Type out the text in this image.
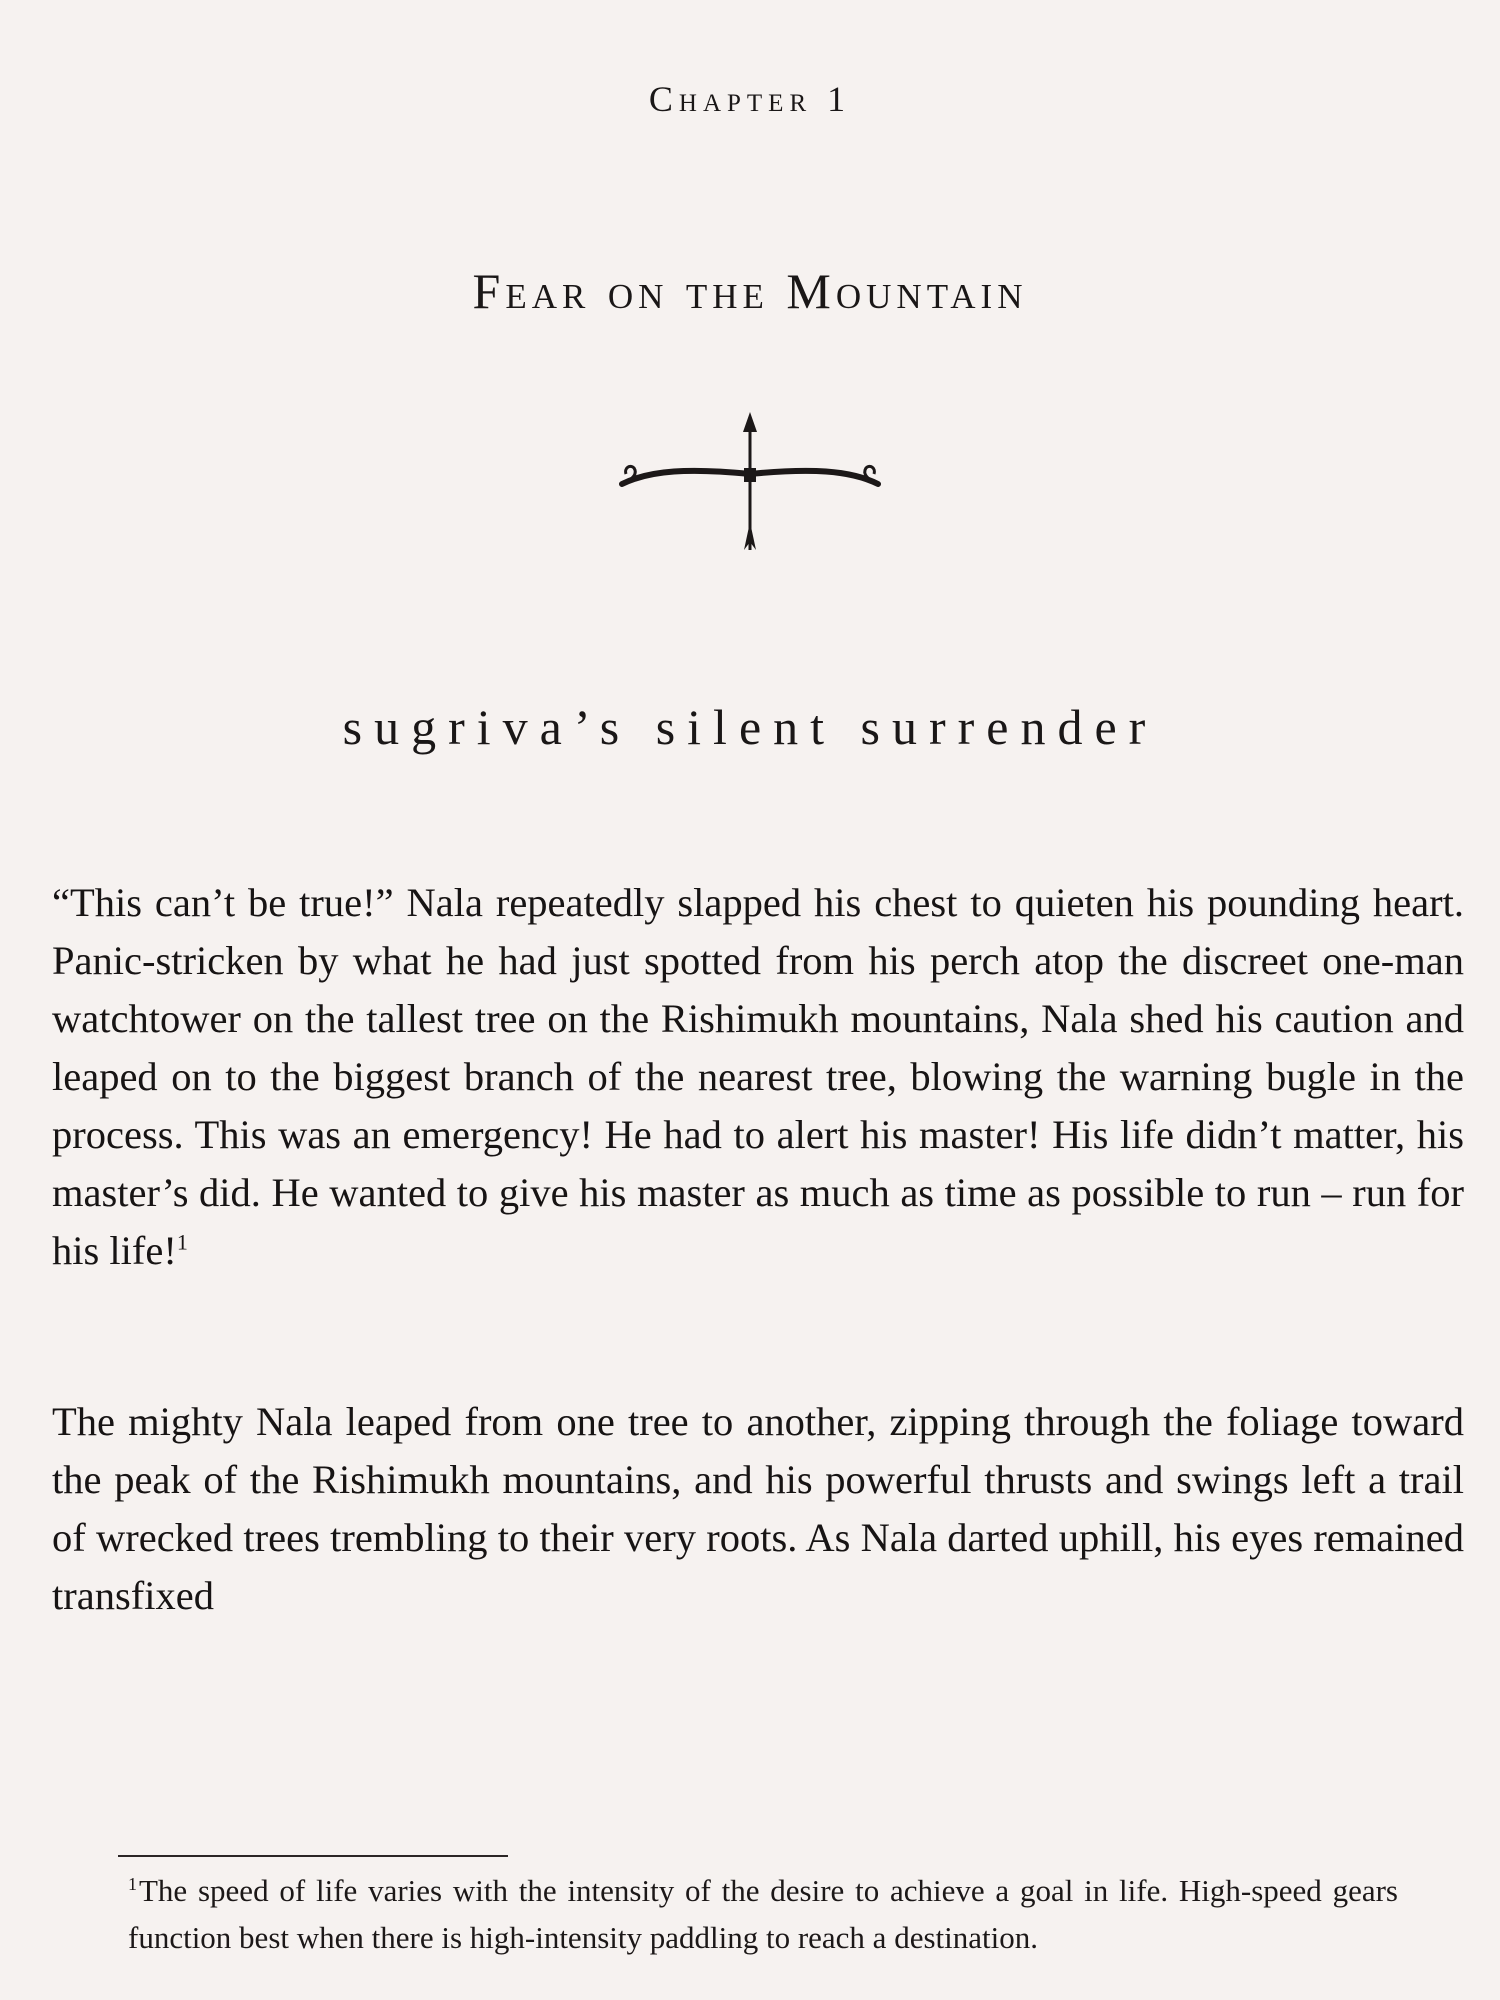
Chapter 1
Fear on the Mountain
sugriva’s silent surrender

“This can’t be true!” Nala repeatedly slapped his chest to quieten his pounding heart. Panic-stricken by what he had just spotted from his perch atop the discreet one-man watchtower on the tallest tree on the Rishimukh mountains, Nala shed his caution and leaped on to the biggest branch of the nearest tree, blowing the warning bugle in the process. This was an emergency! He had to alert his master! His life didn’t matter, his master’s did. He wanted to give his master as much as time as possible to run – run for his life!$^1$

The mighty Nala leaped from one tree to another, zipping through the foliage toward the peak of the Rishimukh mountains, and his powerful thrusts and swings left a trail of wrecked trees trembling to their very roots. As Nala darted uphill, his eyes remained transfixed

$^1$The speed of life varies with the intensity of the desire to achieve a goal in life. High-speed gears function best when there is high-intensity paddling to reach a destination.
